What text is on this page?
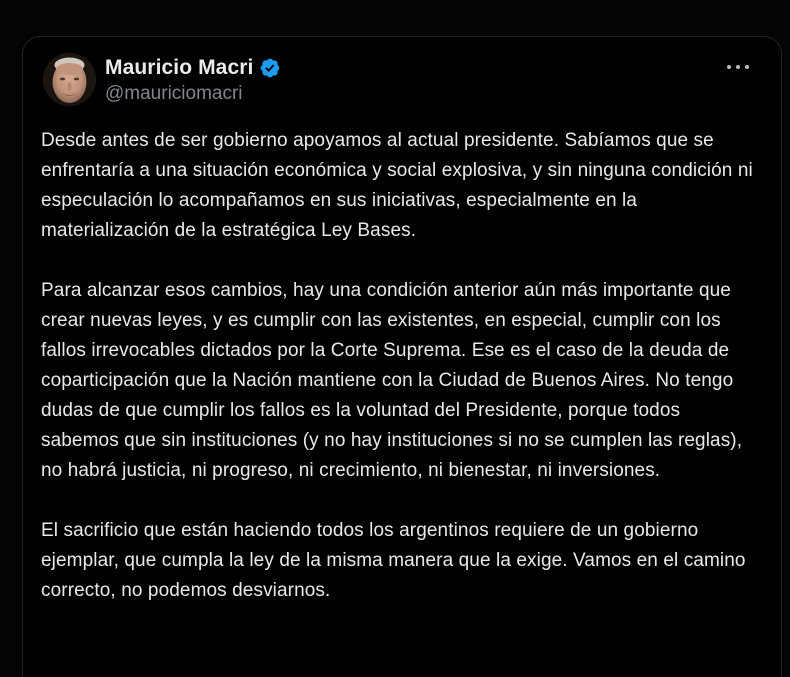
Mauricio Macri
@mauriciomacri

Desde antes de ser gobierno apoyamos al actual presidente. Sabíamos que se enfrentaría a una situación económica y social explosiva, y sin ninguna condición ni especulación lo acompañamos en sus iniciativas, especialmente en la materialización de la estratégica Ley Bases.

Para alcanzar esos cambios, hay una condición anterior aún más importante que crear nuevas leyes, y es cumplir con las existentes, en especial, cumplir con los fallos irrevocables dictados por la Corte Suprema. Ese es el caso de la deuda de coparticipación que la Nación mantiene con la Ciudad de Buenos Aires. No tengo dudas de que cumplir los fallos es la voluntad del Presidente, porque todos sabemos que sin instituciones (y no hay instituciones si no se cumplen las reglas), no habrá justicia, ni progreso, ni crecimiento, ni bienestar, ni inversiones.

El sacrificio que están haciendo todos los argentinos requiere de un gobierno ejemplar, que cumpla la ley de la misma manera que la exige. Vamos en el camino correcto, no podemos desviarnos.
